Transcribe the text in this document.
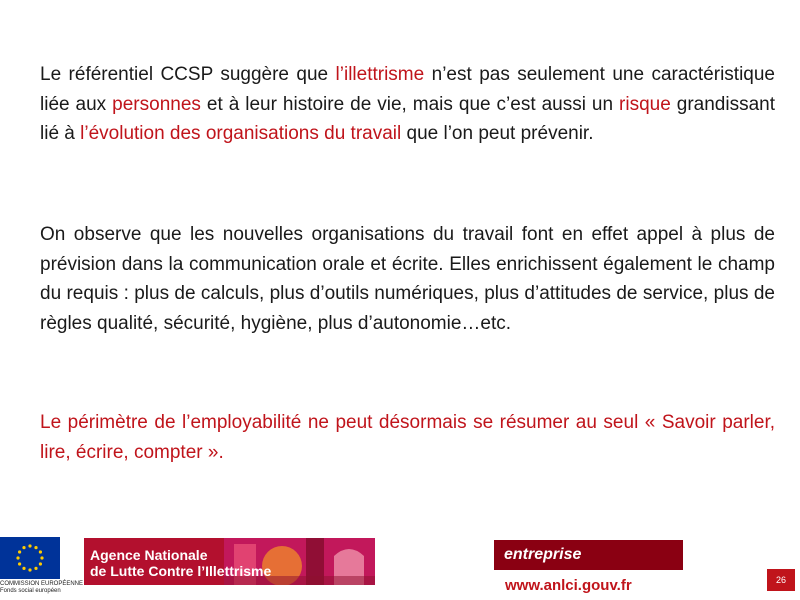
Le référentiel CCSP suggère que l’illettrisme n’est pas seulement une caractéristique liée aux personnes et à leur histoire de vie, mais que c’est aussi un risque grandissant lié à l’évolution des organisations du travail que l’on peut prévenir.

On observe que les nouvelles organisations du travail font en effet appel à plus de prévision dans la communication orale et écrite. Elles enrichissent également le champ du requis : plus de calculs, plus d’outils numériques, plus d’attitudes de service, plus de règles qualité, sécurité, hygiène, plus d’autonomie…etc.

Le périmètre de l’employabilité ne peut désormais se résumer au seul « Savoir parler, lire, écrire, compter ».

COMMISSION EUROPÉENNE
Fonds social européen
Agence Nationale
de Lutte Contre l’Illettrisme
entreprise
www.anlci.gouv.fr	26
